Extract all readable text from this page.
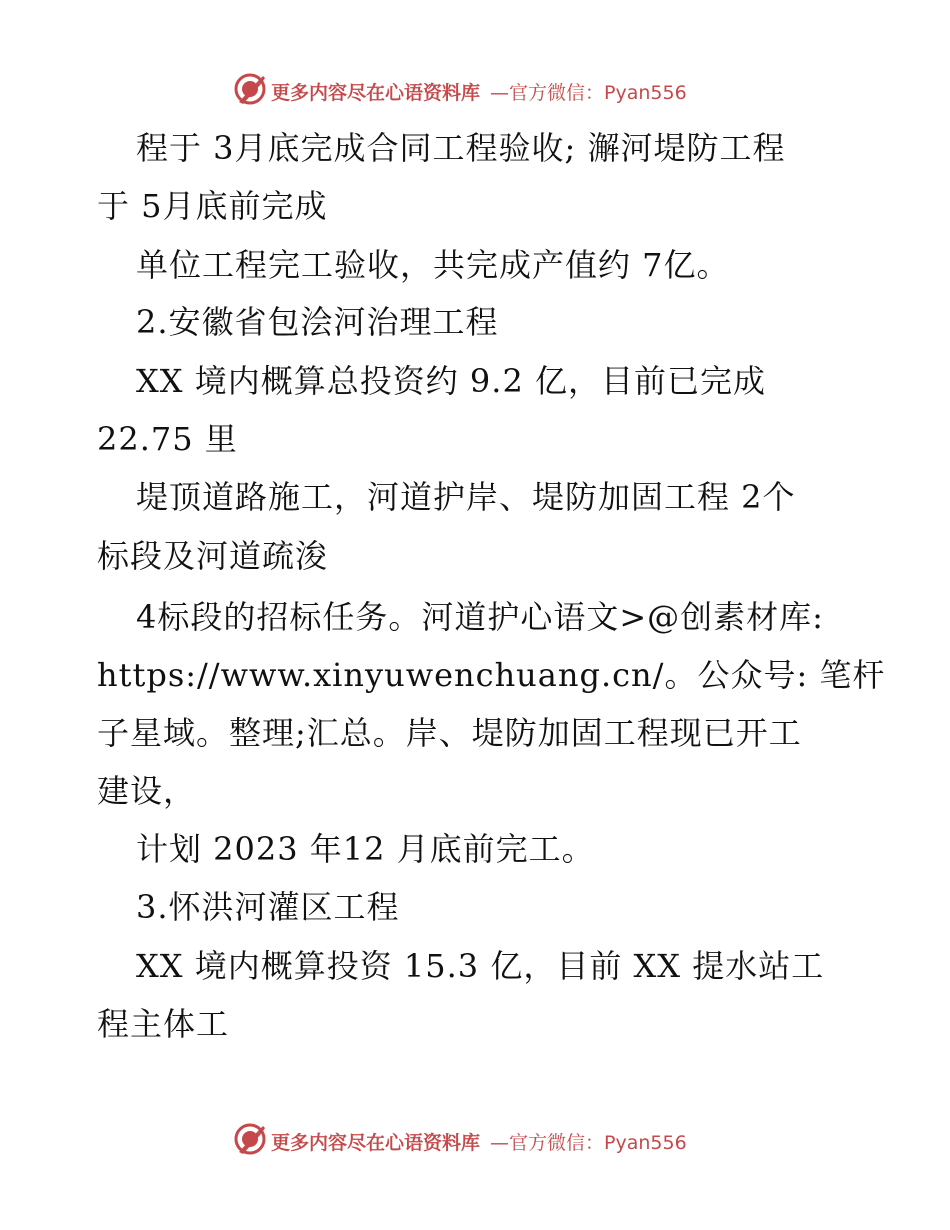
更多内容尽在心语资料库 —官方微信：Pyan556
程于 3月底完成合同工程验收; 澥河堤防工程
于 5月底前完成
单位工程完工验收，共完成产值约 7亿。
2.安徽省包浍河治理工程
XX 境内概算总投资约 9.2 亿，目前已完成
22.75 里
堤顶道路施工，河道护岸、堤防加固工程 2个
标段及河道疏浚
4标段的招标任务。河道护心语文>@创素材库:
https://www.xinyuwenchuang.cn/。公众号: 笔杆
子星域。整理;汇总。岸、堤防加固工程现已开工
建设，
计划 2023 年12 月底前完工。
3.怀洪河灌区工程
XX 境内概算投资 15.3 亿，目前 XX 提水站工
程主体工
更多内容尽在心语资料库 —官方微信：Pyan556
